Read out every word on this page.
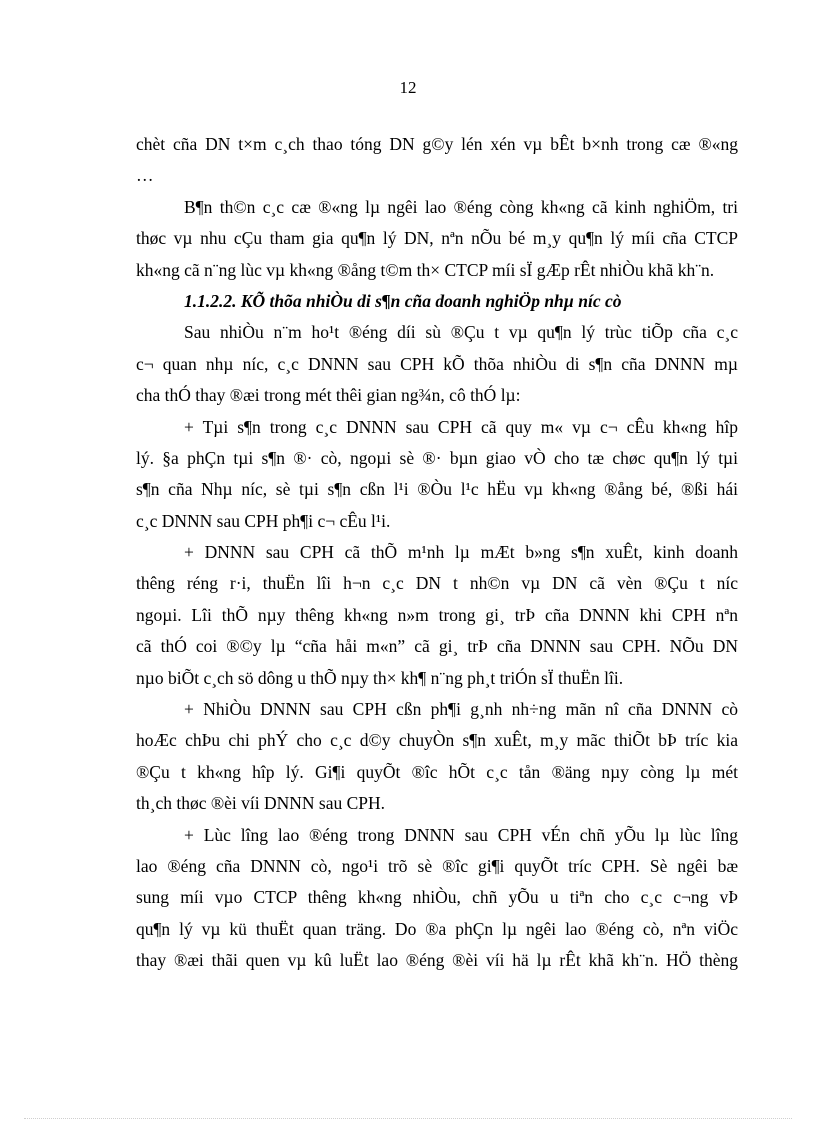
12
chèt cña DN t×m c¸ch thao tóng DN g©y lén xén vµ bÊt b×nh trong cæ ®«ng
…
B¶n th©n c¸c cæ ®«ng lµ ngêi lao ®éng còng kh«ng cã kinh nghiÖm, tri
thøc vµ nhu cÇu tham gia qu¶n lý DN, nªn nÕu bé m¸y qu¶n lý míi cña CTCP
kh«ng cã n¨ng lùc vµ kh«ng ®ång t©m th× CTCP míi sÏ gÆp rÊt nhiÒu khã kh¨n.
1.1.2.2. KÕ thõa nhiÒu di s¶n cña doanh nghiÖp nhµ níc cò
Sau nhiÒu n¨m ho¹t ®éng díi sù ®Çu t vµ qu¶n lý trùc tiÕp cña c¸c
c¬ quan nhµ níc, c¸c DNNN sau CPH kÕ thõa nhiÒu di s¶n cña DNNN mµ
cha thÓ thay ®æi trong mét thêi gian ng¾n, cô thÓ lµ:
+ Tµi s¶n trong c¸c DNNN sau CPH cã quy m« vµ c¬ cÊu kh«ng hîp
lý. §a phÇn tµi s¶n ®· cò, ngoµi sè ®· bµn giao vÒ cho tæ chøc qu¶n lý tµi
s¶n cña Nhµ níc, sè tµi s¶n cßn l¹i ®Òu l¹c hËu vµ kh«ng ®ång bé, ®ßi hái
c¸c DNNN sau CPH ph¶i c¬ cÊu l¹i.
+ DNNN sau CPH cã thÕ m¹nh lµ mÆt b»ng s¶n xuÊt, kinh doanh
thêng réng r·i, thuËn lîi h¬n c¸c DN t nh©n vµ DN cã vèn ®Çu t níc
ngoµi. Lîi thÕ nµy thêng kh«ng n»m trong gi¸ trÞ cña DNNN khi CPH nªn
cã thÓ coi ®©y lµ “cña håi m«n” cã gi¸ trÞ cña DNNN sau CPH. NÕu DN
nµo biÕt c¸ch sö dông u thÕ nµy th× kh¶ n¨ng ph¸t triÓn sÏ thuËn lîi.
+ NhiÒu DNNN sau CPH cßn ph¶i g¸nh nh÷ng mãn nî cña DNNN cò
hoÆc chÞu chi phÝ cho c¸c d©y chuyÒn s¶n xuÊt, m¸y mãc thiÕt bÞ tríc kia
®Çu t kh«ng hîp lý. Gi¶i quyÕt ®îc hÕt c¸c tån ®äng nµy còng lµ mét
th¸ch thøc ®èi víi DNNN sau CPH.
+ Lùc lîng lao ®éng trong DNNN sau CPH vÉn chñ yÕu lµ lùc lîng
lao ®éng cña DNNN cò, ngo¹i trõ sè ®îc gi¶i quyÕt tríc CPH. Sè ngêi bæ
sung míi vµo CTCP thêng kh«ng nhiÒu, chñ yÕu u tiªn cho c¸c c¬ng vÞ
qu¶n lý vµ kü thuËt quan träng. Do ®a phÇn lµ ngêi lao ®éng cò, nªn viÖc
thay ®æi thãi quen vµ kû luËt lao ®éng ®èi víi hä lµ rÊt khã kh¨n. HÖ thèng
